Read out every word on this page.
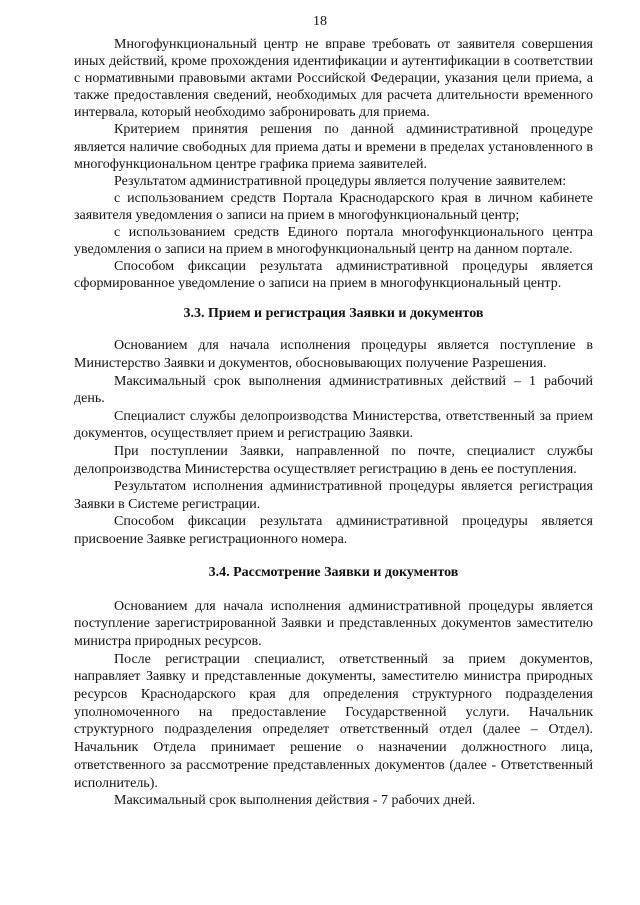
18

Многофункциональный центр не вправе требовать от заявителя совершения иных действий, кроме прохождения идентификации и аутентификации в соответствии с нормативными правовыми актами Российской Федерации, указания цели приема, а также предоставления сведений, необходимых для расчета длительности временного интервала, который необходимо забронировать для приема.

Критерием принятия решения по данной административной процедуре является наличие свободных для приема даты и времени в пределах установленного в многофункциональном центре графика приема заявителей.

Результатом административной процедуры является получение заявителем:

с использованием средств Портала Краснодарского края в личном кабинете заявителя уведомления о записи на прием в многофункциональный центр;

с использованием средств Единого портала многофункционального центра уведомления о записи на прием в многофункциональный центр на данном портале.

Способом фиксации результата административной процедуры является сформированное уведомление о записи на прием в многофункциональный центр.

3.3. Прием и регистрация Заявки и документов

Основанием для начала исполнения процедуры является поступление в Министерство Заявки и документов, обосновывающих получение Разрешения.

Максимальный срок выполнения административных действий – 1 рабочий день.

Специалист службы делопроизводства Министерства, ответственный за прием документов, осуществляет прием и регистрацию Заявки.

При поступлении Заявки, направленной по почте, специалист службы делопроизводства Министерства осуществляет регистрацию в день ее поступления.

Результатом исполнения административной процедуры является регистрация Заявки в Системе регистрации.

Способом фиксации результата административной процедуры является присвоение Заявке регистрационного номера.

3.4. Рассмотрение Заявки и документов

Основанием для начала исполнения административной процедуры является поступление зарегистрированной Заявки и представленных документов заместителю министра природных ресурсов.

После регистрации специалист, ответственный за прием документов, направляет Заявку и представленные документы, заместителю министра природных ресурсов Краснодарского края для определения структурного подразделения уполномоченного на предоставление Государственной услуги. Начальник структурного подразделения определяет ответственный отдел (далее – Отдел). Начальник Отдела принимает решение о назначении должностного лица, ответственного за рассмотрение представленных документов (далее - Ответственный исполнитель).

Максимальный срок выполнения действия - 7 рабочих дней.
